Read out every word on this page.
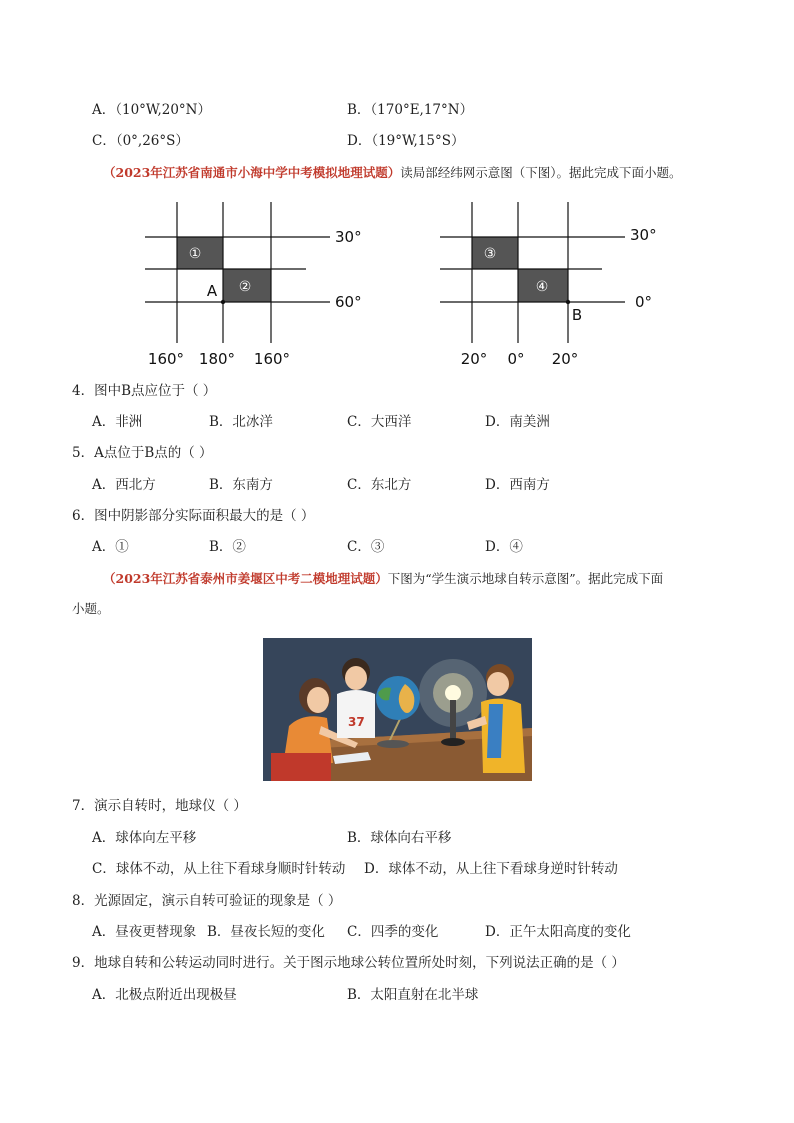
A．（10°W,20°N）	B．（170°E,17°N）
C．（0°,26°S）	D．（19°W,15°S）
（2023年江苏省南通市小海中学中考模拟地理试题）读局部经纬网示意图（下图）。据此完成下面小题。
①
②
A
30°
60°
160° 180° 160°
③
④
B
30°
0°
20° 0° 20°
4．图中B点应位于（ ）
A．非洲	B．北冰洋	C．大西洋	D．南美洲
5．A点位于B点的（ ）
A．西北方	B．东南方	C．东北方	D．西南方
6．图中阴影部分实际面积最大的是（ ）
A．①	B．②	C．③	D．④
（2023年江苏省泰州市姜堰区中考二模地理试题）下图为“学生演示地球自转示意图”。据此完成下面
小题。
37
7．演示自转时，地球仪（ ）
A．球体向左平移	B．球体向右平移
C．球体不动，从上往下看球身顺时针转动 D．球体不动，从上往下看球身逆时针转动
8．光源固定，演示自转可验证的现象是（ ）
A．昼夜更替现象 B．昼夜长短的变化 C．四季的变化	D．正午太阳高度的变化
9．地球自转和公转运动同时进行。关于图示地球公转位置所处时刻，下列说法正确的是（ ）
A．北极点附近出现极昼	B．太阳直射在北半球
